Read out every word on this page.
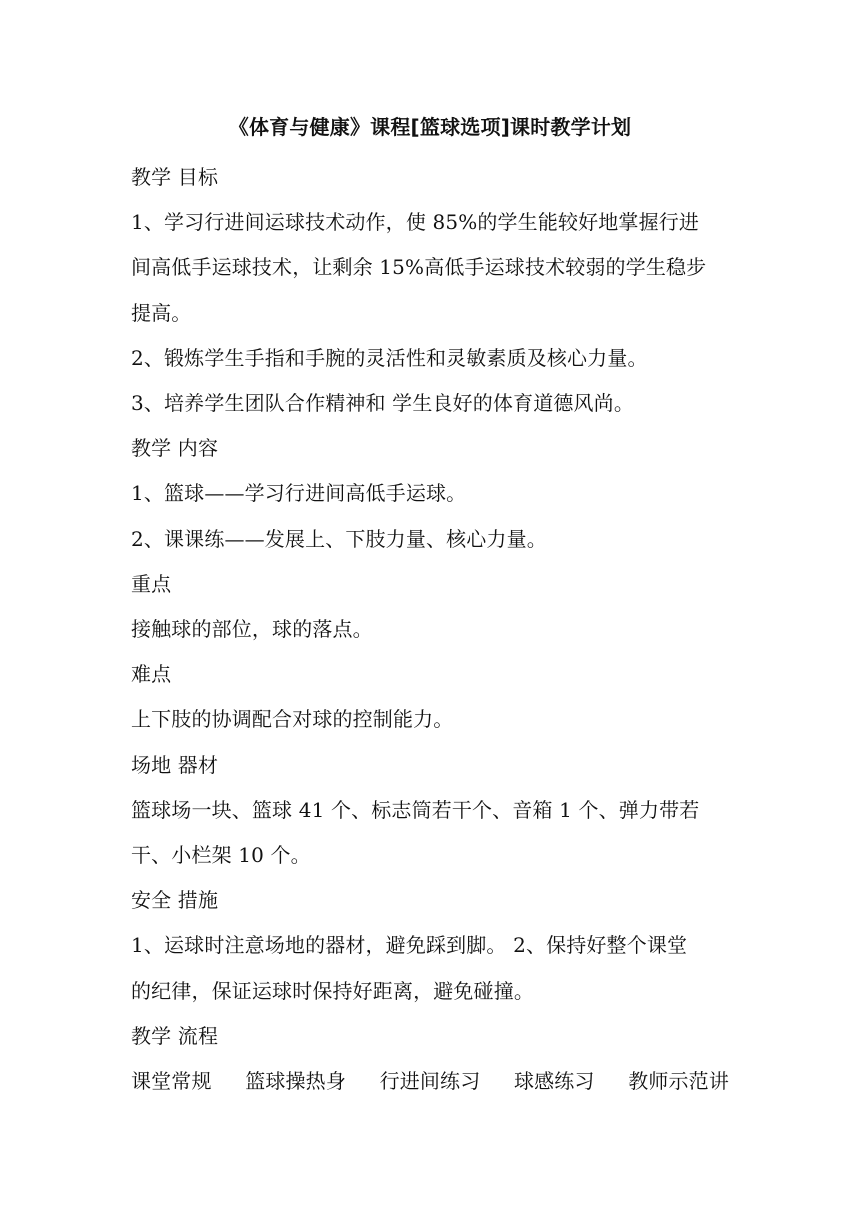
《体育与健康》课程[篮球选项]课时教学计划
教学 目标
1、学习行进间运球技术动作，使 85%的学生能较好地掌握行进
间高低手运球技术，让剩余 15%高低手运球技术较弱的学生稳步
提高。
2、锻炼学生手指和手腕的灵活性和灵敏素质及核心力量。
3、培养学生团队合作精神和 学生良好的体育道德风尚。
教学 内容
1、篮球——学习行进间高低手运球。
2、课课练——发展上、下肢力量、核心力量。
重点
接触球的部位，球的落点。
难点
上下肢的协调配合对球的控制能力。
场地 器材
篮球场一块、篮球 41 个、标志筒若干个、音箱 1 个、弹力带若
干、小栏架 10 个。
安全 措施
1、运球时注意场地的器材，避免踩到脚。 2、保持好整个课堂
的纪律，保证运球时保持好距离，避免碰撞。
教学 流程
课堂常规 篮球操热身 行进间练习 球感练习 教师示范讲
